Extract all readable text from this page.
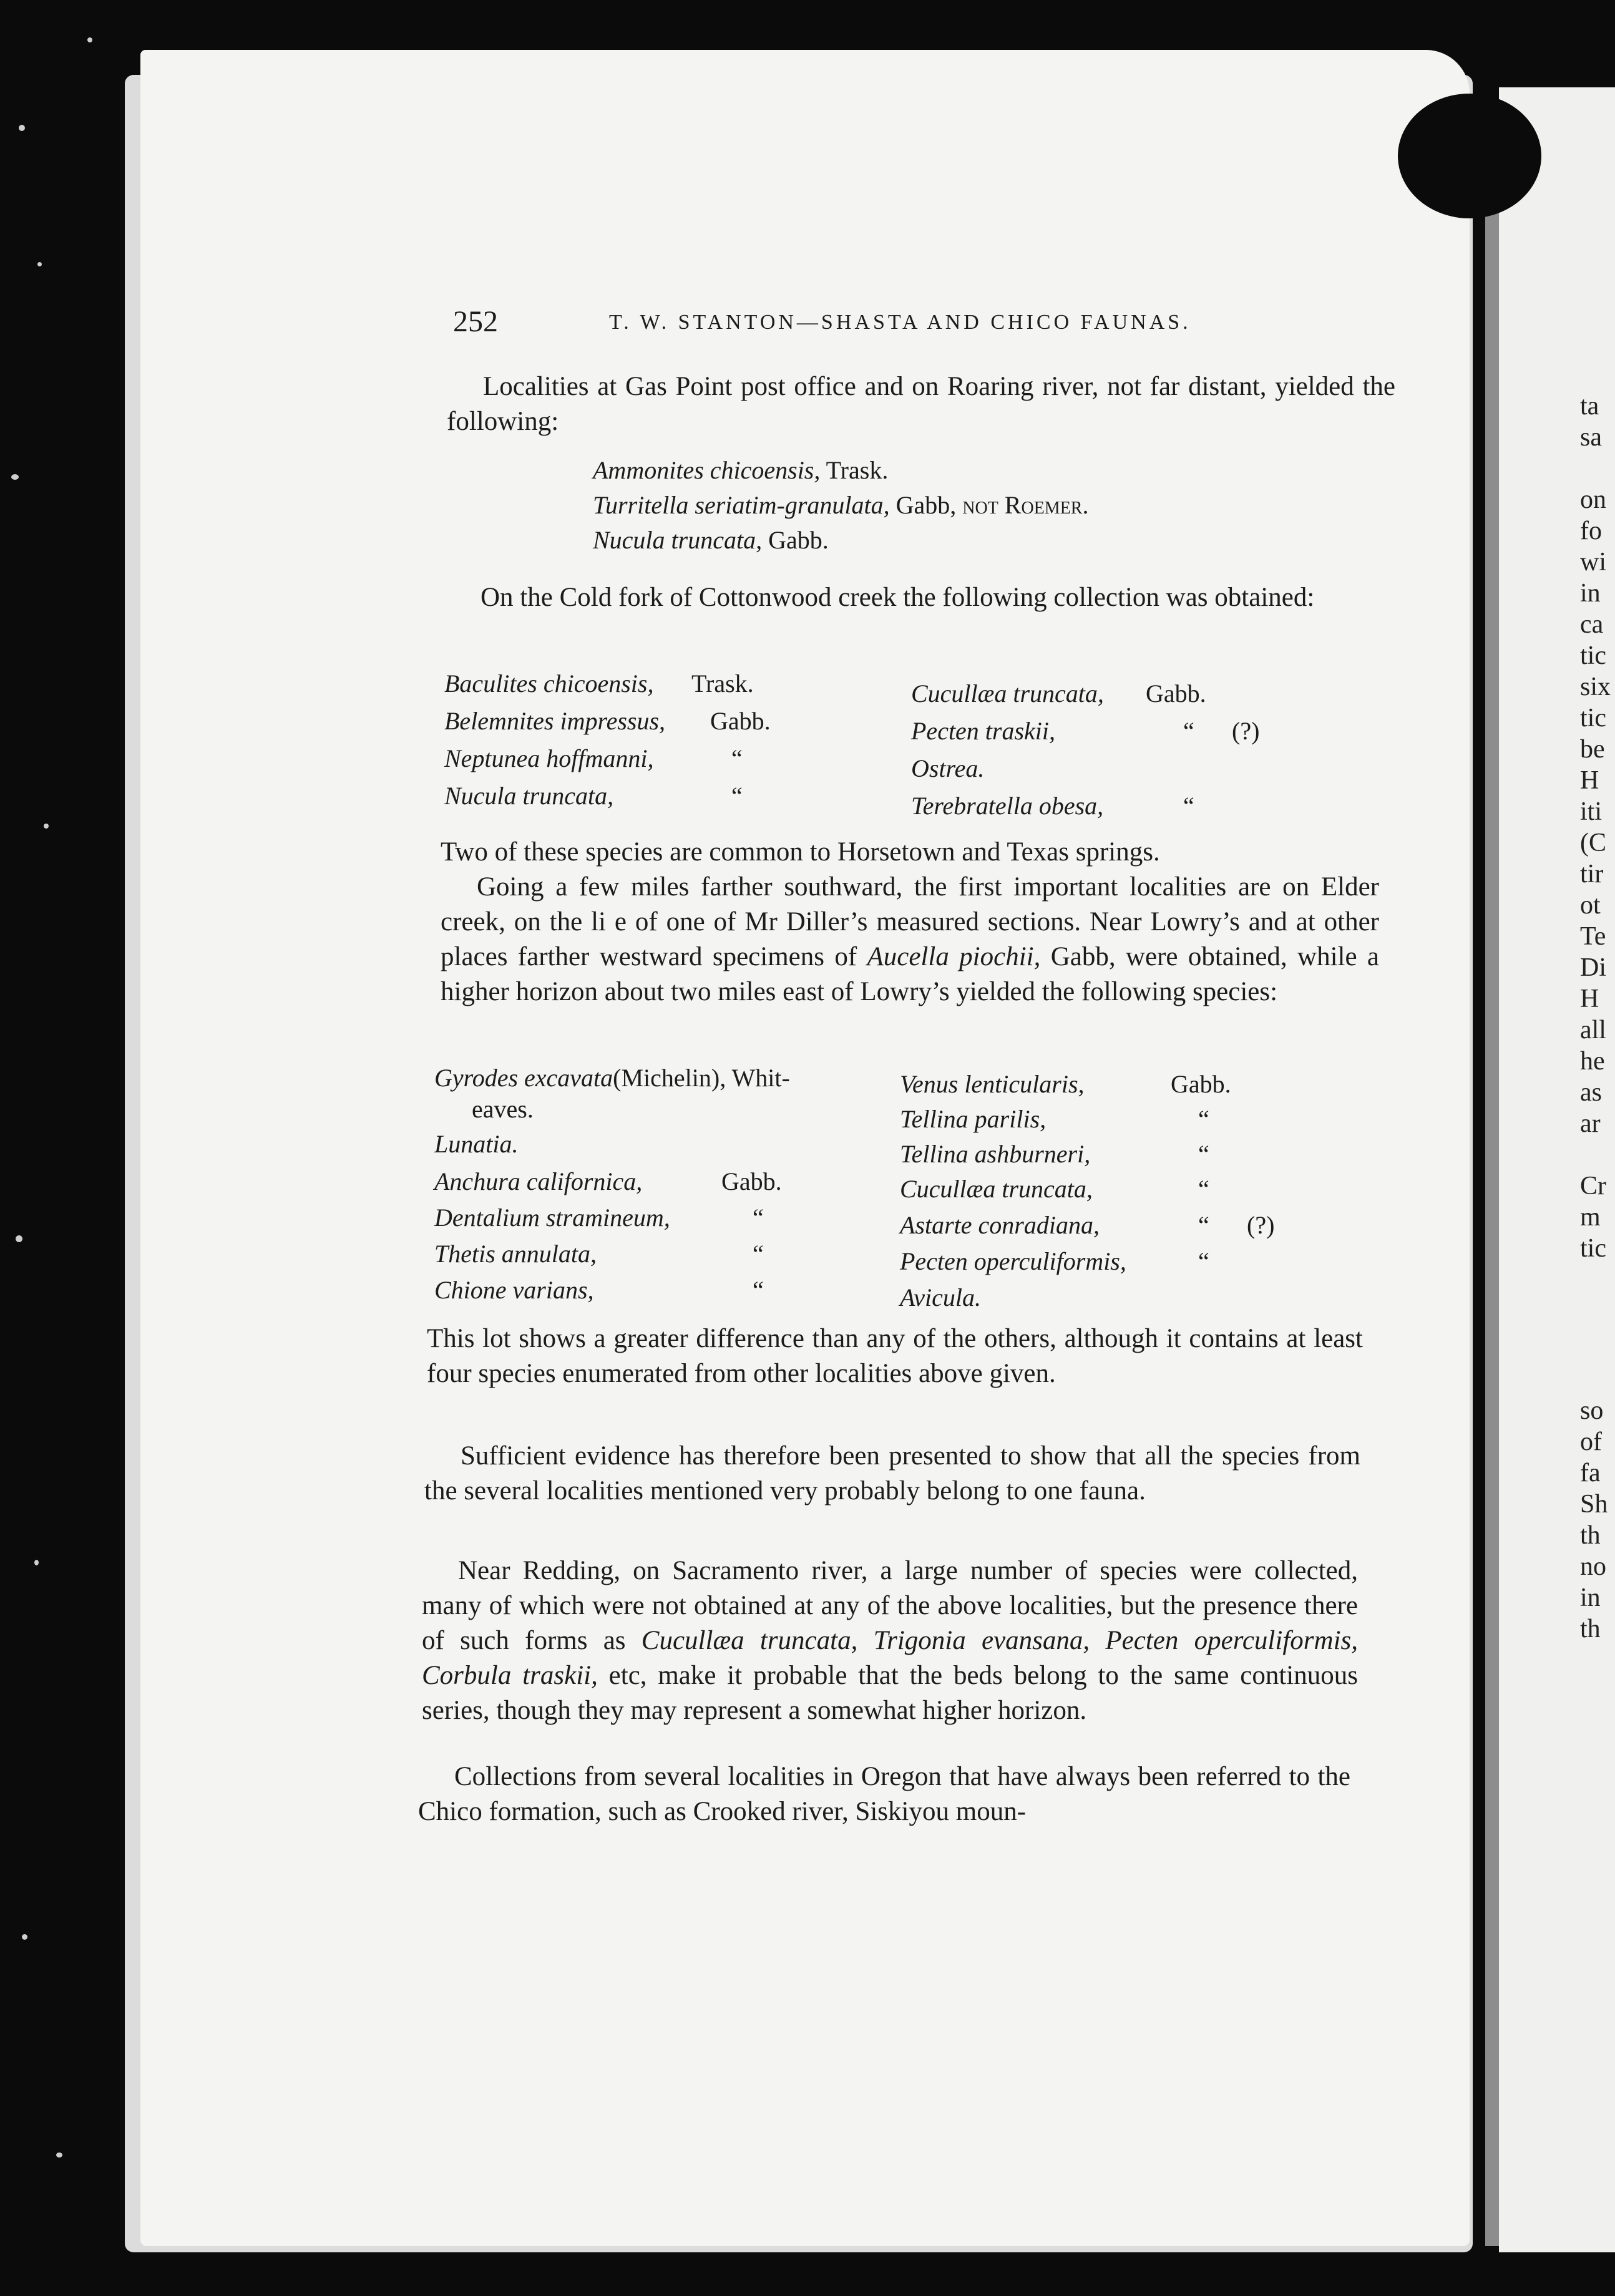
ta
sa
on
fo
wi
in
ca
tic
six
tic
be
H
iti
(C
tir
ot
Te
Di
H
all
he
as
ar
Cr
m
tic
so
of
fa
Sh
th
no
in
th
252	T. W. STANTON—SHASTA AND CHICO FAUNAS.
Localities at Gas Point post office and on Roaring river, not far distant, yielded the following:
Ammonites chicoensis, Trask.
Turritella seriatim-granulata, Gabb, not Roemer.
Nucula truncata, Gabb.
On the Cold fork of Cottonwood creek the following collection was obtained:
Baculites chicoensis, Trask.
Belemnites impressus, Gabb.
Neptunea hoffmanni,	“
Nucula truncata,	“
Cucullæa truncata, Gabb.
Pecten traskii,	“ (?)
Ostrea.
Terebratella obesa,	“
Two of these species are common to Horsetown and Texas springs.
Going a few miles farther southward, the first important localities are on Elder creek, on the li e of one of Mr Diller’s measured sections. Near Lowry’s and at other places farther westward specimens of Aucella piochii, Gabb, were obtained, while a higher horizon about two miles east of Lowry’s yielded the following species:
Gyrodes excavata(Michelin), Whit-
eaves.
Lunatia.
Anchura californica,	Gabb.
Dentalium stramineum,	“
Thetis annulata,	“
Chione varians,	“
Venus lenticularis,	Gabb.
Tellina parilis,	“
Tellina ashburneri,	“
Cucullæa truncata,	“
Astarte conradiana,	“ (?)
Pecten operculiformis,	“
Avicula.
This lot shows a greater difference than any of the others, although it contains at least four species enumerated from other localities above given.
Sufficient evidence has therefore been presented to show that all the species from the several localities mentioned very probably belong to one fauna.
Near Redding, on Sacramento river, a large number of species were collected, many of which were not obtained at any of the above localities, but the presence there of such forms as Cucullæa truncata, Trigonia evansana, Pecten operculiformis, Corbula traskii, etc, make it probable that the beds belong to the same continuous series, though they may represent a somewhat higher horizon.
Collections from several localities in Oregon that have always been referred to the Chico formation, such as Crooked river, Siskiyou moun-
